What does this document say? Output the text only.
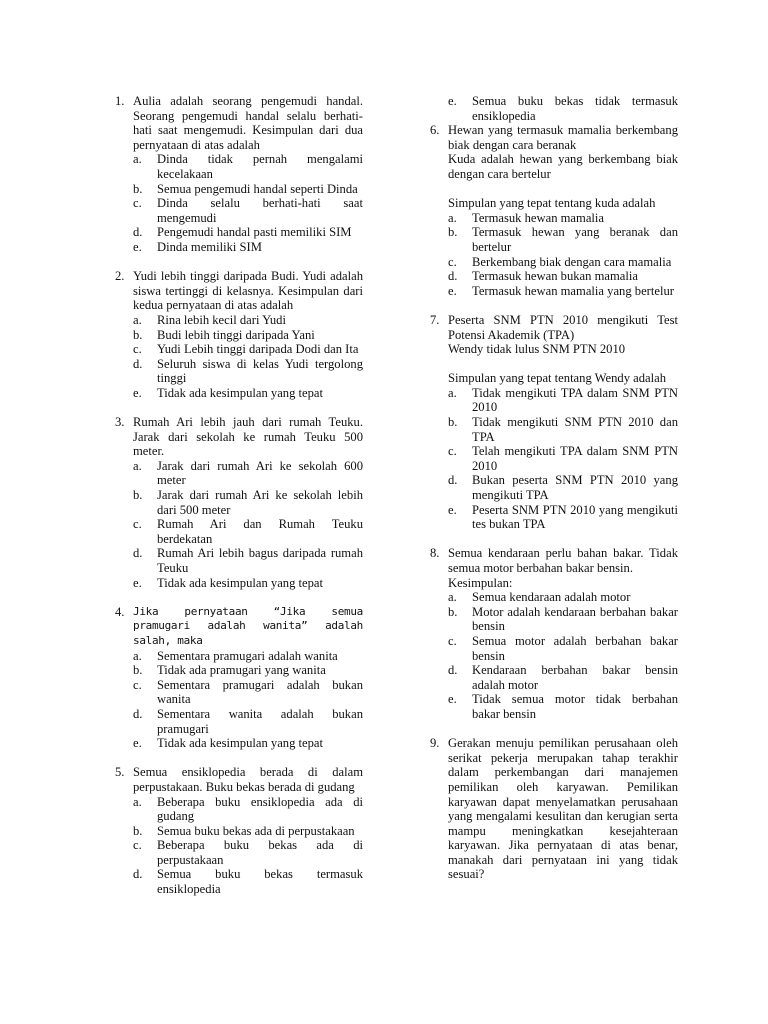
1. Aulia adalah seorang pengemudi handal. Seorang pengemudi handal selalu berhati-hati saat mengemudi. Kesimpulan dari dua pernyataan di atas adalah
a. Dinda tidak pernah mengalami kecelakaan
b. Semua pengemudi handal seperti Dinda
c. Dinda selalu berhati-hati saat mengemudi
d. Pengemudi handal pasti memiliki SIM
e. Dinda memiliki SIM
2. Yudi lebih tinggi daripada Budi. Yudi adalah siswa tertinggi di kelasnya. Kesimpulan dari kedua pernyataan di atas adalah
a. Rina lebih kecil dari Yudi
b. Budi lebih tinggi daripada Yani
c. Yudi Lebih tinggi daripada Dodi dan Ita
d. Seluruh siswa di kelas Yudi tergolong tinggi
e. Tidak ada kesimpulan yang tepat
3. Rumah Ari lebih jauh dari rumah Teuku. Jarak dari sekolah ke rumah Teuku 500 meter.
a. Jarak dari rumah Ari ke sekolah 600 meter
b. Jarak dari rumah Ari ke sekolah lebih dari 500 meter
c. Rumah Ari dan Rumah Teuku berdekatan
d. Rumah Ari lebih bagus daripada rumah Teuku
e. Tidak ada kesimpulan yang tepat
4. Jika pernyataan “Jika semua pramugari adalah wanita” adalah salah, maka
a. Sementara pramugari adalah wanita
b. Tidak ada pramugari yang wanita
c. Sementara pramugari adalah bukan wanita
d. Sementara wanita adalah bukan pramugari
e. Tidak ada kesimpulan yang tepat
5. Semua ensiklopedia berada di dalam perpustakaan. Buku bekas berada di gudang
a. Beberapa buku ensiklopedia ada di gudang
b. Semua buku bekas ada di perpustakaan
c. Beberapa buku bekas ada di perpustakaan
d. Semua buku bekas termasuk ensiklopedia
e. Semua buku bekas tidak termasuk ensiklopedia
6. Hewan yang termasuk mamalia berkembang biak dengan cara beranak
Kuda adalah hewan yang berkembang biak dengan cara bertelur
Simpulan yang tepat tentang kuda adalah
a. Termasuk hewan mamalia
b. Termasuk hewan yang beranak dan bertelur
c. Berkembang biak dengan cara mamalia
d. Termasuk hewan bukan mamalia
e. Termasuk hewan mamalia yang bertelur
7. Peserta SNM PTN 2010 mengikuti Test Potensi Akademik (TPA)
Wendy tidak lulus SNM PTN 2010
Simpulan yang tepat tentang Wendy adalah
a. Tidak mengikuti TPA dalam SNM PTN 2010
b. Tidak mengikuti SNM PTN 2010 dan TPA
c. Telah mengikuti TPA dalam SNM PTN 2010
d. Bukan peserta SNM PTN 2010 yang mengikuti TPA
e. Peserta SNM PTN 2010 yang mengikuti tes bukan TPA
8. Semua kendaraan perlu bahan bakar. Tidak semua motor berbahan bakar bensin.
Kesimpulan:
a. Semua kendaraan adalah motor
b. Motor adalah kendaraan berbahan bakar bensin
c. Semua motor adalah berbahan bakar bensin
d. Kendaraan berbahan bakar bensin adalah motor
e. Tidak semua motor tidak berbahan bakar bensin
9. Gerakan menuju pemilikan perusahaan oleh serikat pekerja merupakan tahap terakhir dalam perkembangan dari manajemen pemilikan oleh karyawan. Pemilikan karyawan dapat menyelamatkan perusahaan yang mengalami kesulitan dan kerugian serta mampu meningkatkan kesejahteraan karyawan. Jika pernyataan di atas benar, manakah dari pernyataan ini yang tidak sesuai?
